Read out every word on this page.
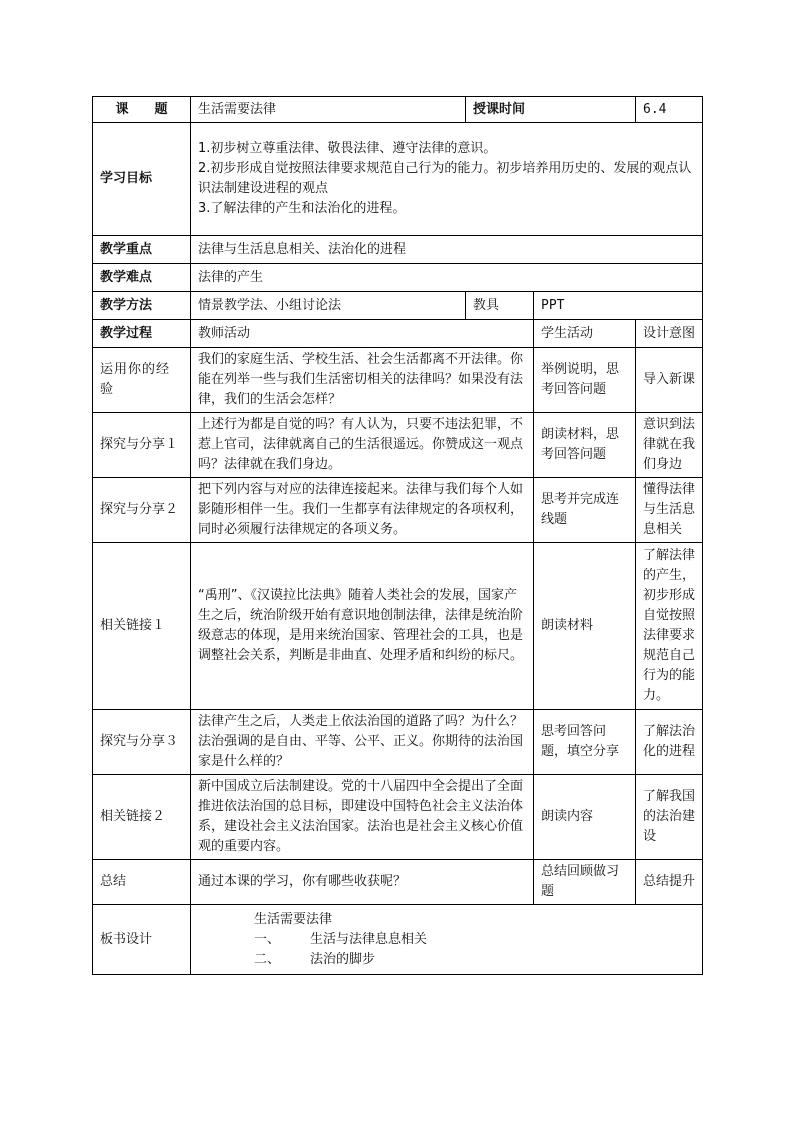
课　　题	生活需要法律	授课时间		6.4
学习目标	1.初步树立尊重法律、敬畏法律、遵守法律的意识。
2.初步形成自觉按照法律要求规范自己行为的能力。初步培养用历史的、发展的观点认识法制建设进程的观点
3.了解法律的产生和法治化的进程。			

教学重点	法律与生活息息相关、法治化的进程			
教学难点	法律的产生			
教学方法	情景教学法、小组讨论法	教具	PPT	
教学过程	教师活动		学生活动	设计意图
运用你的经验	我们的家庭生活、学校生活、社会生活都离不开法律。你能在列举一些与我们生活密切相关的法律吗？如果没有法律，我们的生活会怎样？		举例说明，思考回答问题	导入新课
探究与分享１	上述行为都是自觉的吗？有人认为，只要不违法犯罪，不惹上官司，法律就离自己的生活很遥远。你赞成这一观点吗？法律就在我们身边。		朗读材料，思考回答问题	意识到法律就在我们身边
探究与分享２	把下列内容与对应的法律连接起来。法律与我们每个人如影随形相伴一生。我们一生都享有法律规定的各项权利，同时必须履行法律规定的各项义务。		思考并完成连线题	懂得法律与生活息息相关
相关链接１	“禹刑”、《汉谟拉比法典》随着人类社会的发展，国家产生之后，统治阶级开始有意识地创制法律，法律是统治阶级意志的体现，是用来统治国家、管理社会的工具，也是调整社会关系，判断是非曲直、处理矛盾和纠纷的标尺。		朗读材料	了解法律的产生，初步形成自觉按照法律要求规范自己行为的能力。
探究与分享３	法律产生之后，人类走上依法治国的道路了吗？为什么？法治强调的是自由、平等、公平、正义。你期待的法治国家是什么样的？		思考回答问题，填空分享	了解法治化的进程
相关链接２	新中国成立后法制建设。党的十八届四中全会提出了全面推进依法治国的总目标，即建设中国特色社会主义法治体系，建设社会主义法治国家。法治也是社会主义核心价值观的重要内容。		朗读内容	了解我国的法治建设
总结	通过本课的学习，你有哪些收获呢？		总结回顾做习题	总结提升
板书设计	生活需要法律
一、 生活与法律息息相关
二、 法治的脚步			
